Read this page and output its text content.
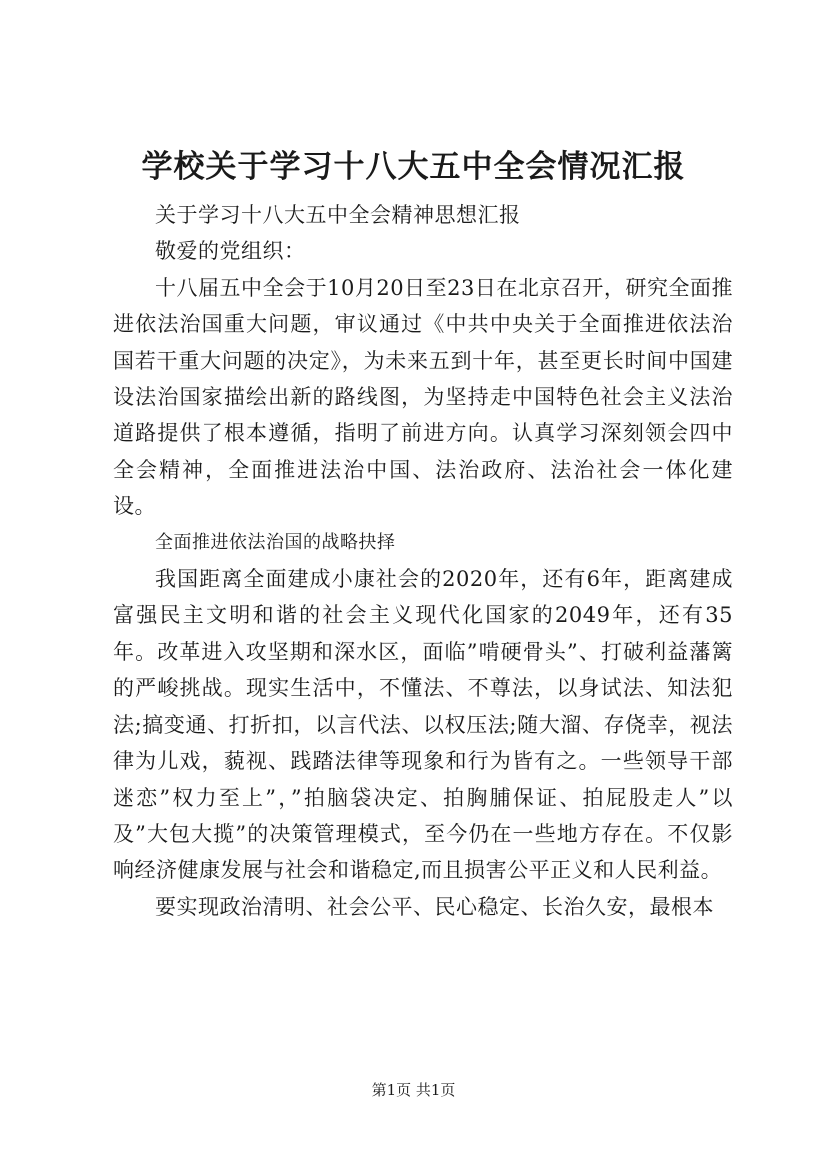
学校关于学习十八大五中全会情况汇报

关于学习十八大五中全会精神思想汇报

敬爱的党组织：

十八届五中全会于10月20日至23日在北京召开，研究全面推进依法治国重大问题，审议通过《中共中央关于全面推进依法治国若干重大问题的决定》，为未来五到十年，甚至更长时间中国建设法治国家描绘出新的路线图，为坚持走中国特色社会主义法治道路提供了根本遵循，指明了前进方向。认真学习深刻领会四中全会精神，全面推进法治中国、法治政府、法治社会一体化建设。

全面推进依法治国的战略抉择

我国距离全面建成小康社会的2020年，还有6年，距离建成富强民主文明和谐的社会主义现代化国家的2049年，还有35年。改革进入攻坚期和深水区，面临”啃硬骨头”、打破利益藩篱的严峻挑战。现实生活中，不懂法、不尊法，以身试法、知法犯法;搞变通、打折扣，以言代法、以权压法;随大溜、存侥幸，视法律为儿戏，藐视、践踏法律等现象和行为皆有之。一些领导干部迷恋”权力至上”，”拍脑袋决定、拍胸脯保证、拍屁股走人”以及”大包大揽”的决策管理模式，至今仍在一些地方存在。不仅影响经济健康发展与社会和谐稳定,而且损害公平正义和人民利益。

要实现政治清明、社会公平、民心稳定、长治久安，最根本

第1页 共1页
